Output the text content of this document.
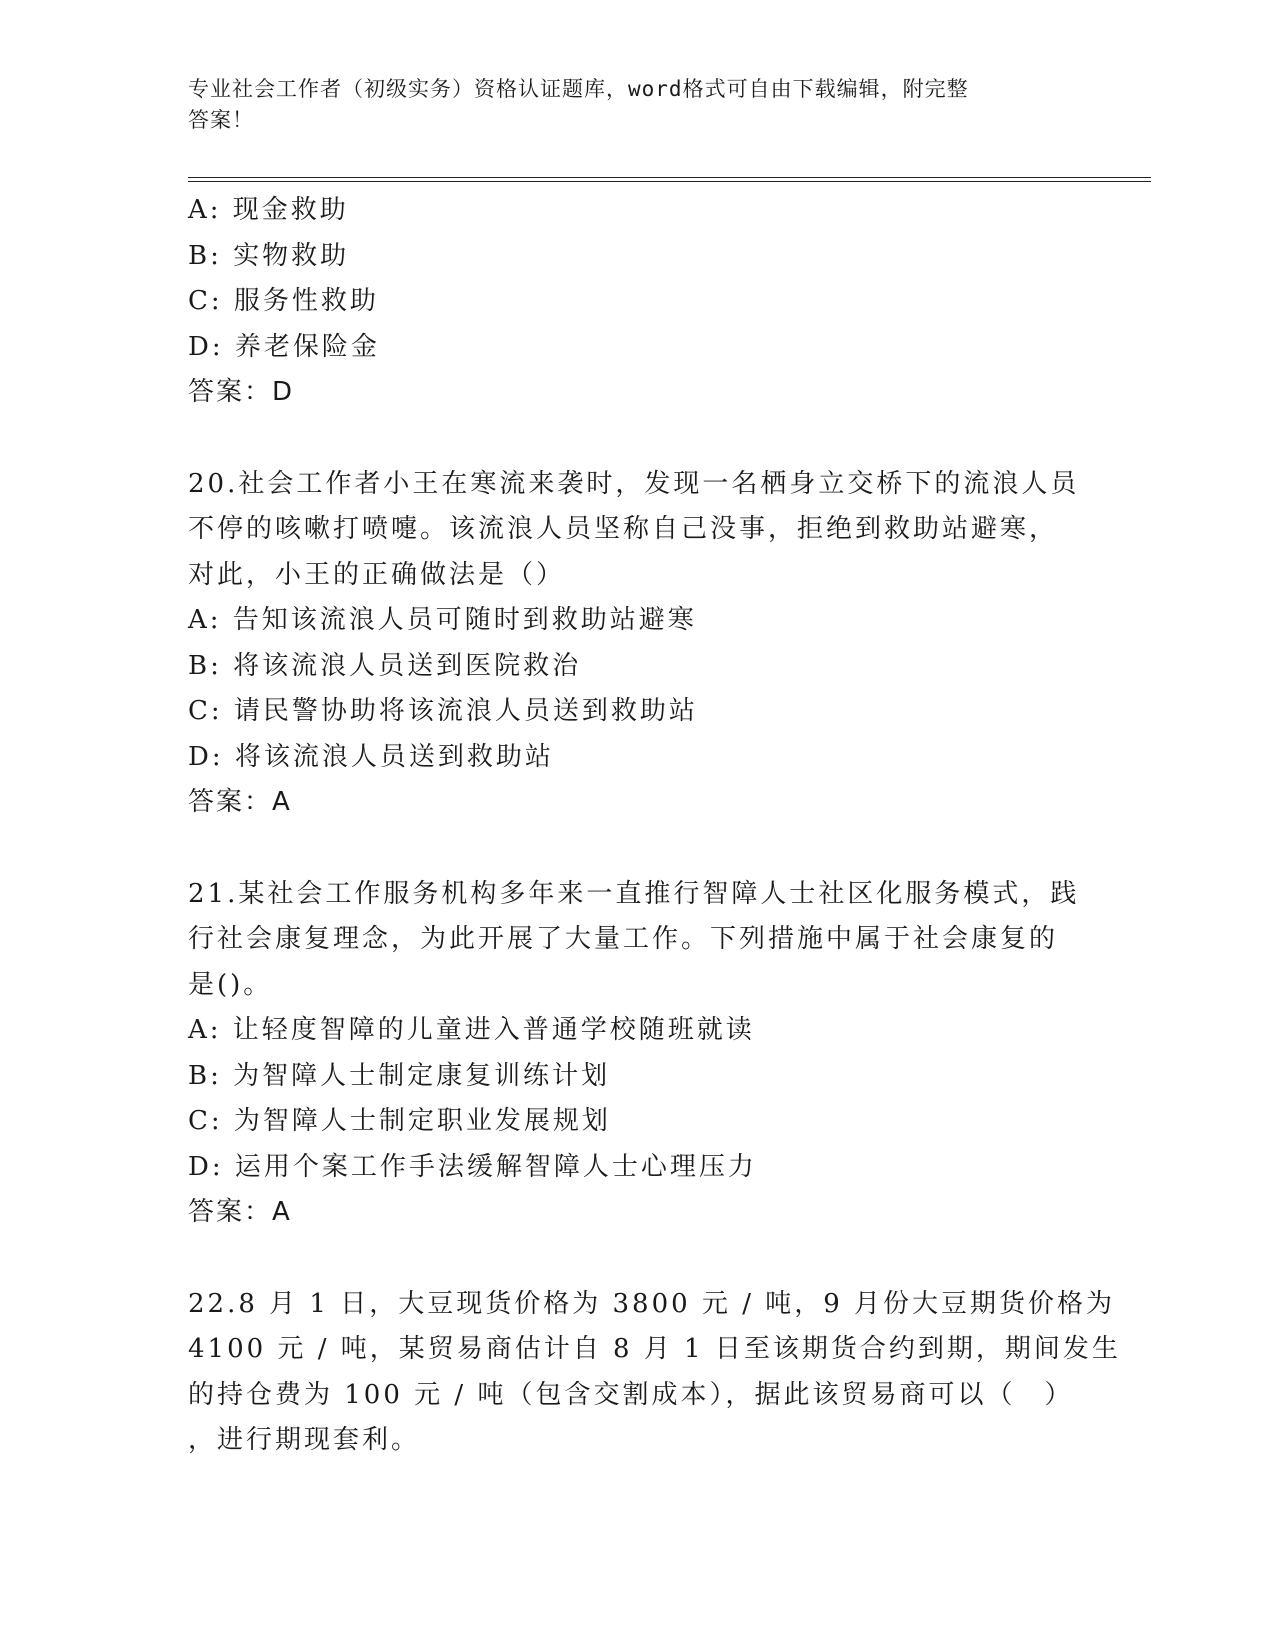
专业社会工作者（初级实务）资格认证题库，word格式可自由下载编辑，附完整
答案！
A: 现金救助
B: 实物救助
C: 服务性救助
D: 养老保险金
答案：D
20.社会工作者小王在寒流来袭时，发现一名栖身立交桥下的流浪人员
不停的咳嗽打喷嚏。该流浪人员坚称自己没事，拒绝到救助站避寒，
对此，小王的正确做法是（）
A: 告知该流浪人员可随时到救助站避寒
B: 将该流浪人员送到医院救治
C: 请民警协助将该流浪人员送到救助站
D: 将该流浪人员送到救助站
答案：A
21.某社会工作服务机构多年来一直推行智障人士社区化服务模式，践
行社会康复理念，为此开展了大量工作。下列措施中属于社会康复的
是()。
A: 让轻度智障的儿童进入普通学校随班就读
B: 为智障人士制定康复训练计划
C: 为智障人士制定职业发展规划
D: 运用个案工作手法缓解智障人士心理压力
答案：A
22.8 月 1 日，大豆现货价格为 3800 元 / 吨，9 月份大豆期货价格为
4100 元 / 吨，某贸易商估计自 8 月 1 日至该期货合约到期，期间发生
的持仓费为 100 元 / 吨（包含交割成本），据此该贸易商可以（　）
，进行期现套利。
